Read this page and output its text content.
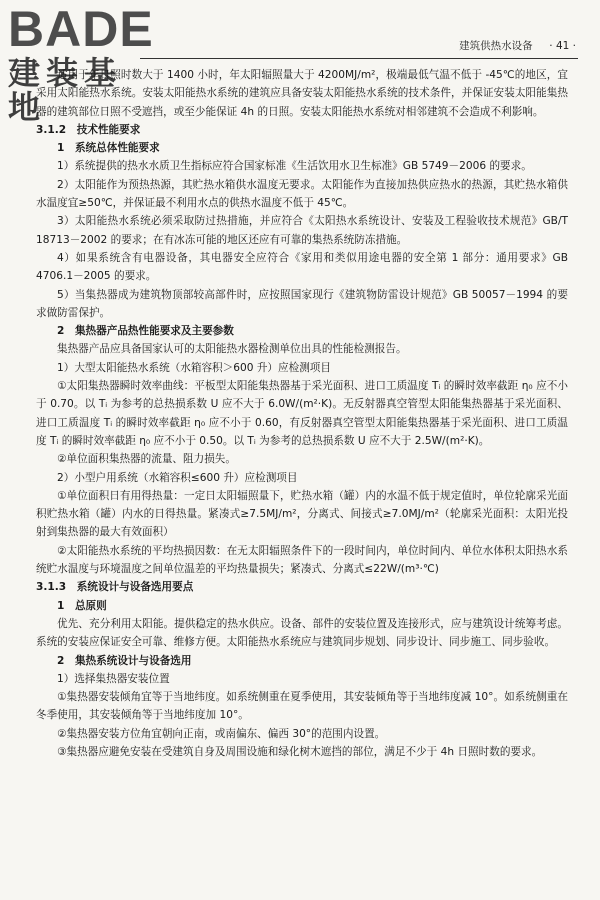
BADE
建装基地
建筑供热水设备 · 41 ·

适用于年日照时数大于 1400 小时，年太阳辐照量大于 4200MJ/m²，极端最低气温不低于 -45℃的地区，宜采用太阳能热水系统。安装太阳能热水系统的建筑应具备安装太阳能热水系统的技术条件，并保证安装太阳能集热器的建筑部位日照不受遮挡，或至少能保证 4h 的日照。安装太阳能热水系统对相邻建筑不会造成不利影响。

3.1.2　技术性能要求

1　系统总体性能要求

1）系统提供的热水水质卫生指标应符合国家标准《生活饮用水卫生标准》GB 5749－2006 的要求。

2）太阳能作为预热热源，其贮热水箱供水温度无要求。太阳能作为直接加热供应热水的热源，其贮热水箱供水温度宜≥50℃，并保证最不利用水点的供热水温度不低于 45℃。

3）太阳能热水系统必须采取防过热措施，并应符合《太阳热水系统设计、安装及工程验收技术规范》GB/T 18713－2002 的要求；在有冰冻可能的地区还应有可靠的集热系统防冻措施。

4）如果系统含有电器设备，其电器安全应符合《家用和类似用途电器的安全第 1 部分：通用要求》GB 4706.1－2005 的要求。

5）当集热器成为建筑物顶部较高部件时，应按照国家现行《建筑物防雷设计规范》GB 50057－1994 的要求做防雷保护。

2　集热器产品热性能要求及主要参数

集热器产品应具备国家认可的太阳能热水器检测单位出具的性能检测报告。

1）大型太阳能热水系统（水箱容积＞600 升）应检测项目

①太阳集热器瞬时效率曲线：平板型太阳能集热器基于采光面积、进口工质温度 Tᵢ 的瞬时效率截距 η₀ 应不小于 0.70。以 Tᵢ 为参考的总热损系数 U 应不大于 6.0W/(m²·K)。无反射器真空管型太阳能集热器基于采光面积、进口工质温度 Tᵢ 的瞬时效率截距 η₀ 应不小于 0.60，有反射器真空管型太阳能集热器基于采光面积、进口工质温度 Tᵢ 的瞬时效率截距 η₀ 应不小于 0.50。以 Tᵢ 为参考的总热损系数 U 应不大于 2.5W/(m²·K)。

②单位面积集热器的流量、阻力损失。

2）小型户用系统（水箱容积≤600 升）应检测项目

①单位面积日有用得热量：一定日太阳辐照量下，贮热水箱（罐）内的水温不低于规定值时，单位轮廓采光面积贮热水箱（罐）内水的日得热量。紧凑式≥7.5MJ/m²，分离式、间接式≥7.0MJ/m²（轮廓采光面积：太阳光投射到集热器的最大有效面积）

②太阳能热水系统的平均热损因数：在无太阳辐照条件下的一段时间内，单位时间内、单位水体积太阳热水系统贮水温度与环境温度之间单位温差的平均热量损失；紧凑式、分离式≤22W/(m³·℃)

3.1.3　系统设计与设备选用要点

1　总原则

优先、充分利用太阳能。提供稳定的热水供应。设备、部件的安装位置及连接形式，应与建筑设计统筹考虑。系统的安装应保证安全可靠、维修方便。太阳能热水系统应与建筑同步规划、同步设计、同步施工、同步验收。

2　集热系统设计与设备选用

1）选择集热器安装位置

①集热器安装倾角宜等于当地纬度。如系统侧重在夏季使用，其安装倾角等于当地纬度减 10°。如系统侧重在冬季使用，其安装倾角等于当地纬度加 10°。

②集热器安装方位角宜朝向正南，或南偏东、偏西 30°的范围内设置。

③集热器应避免安装在受建筑自身及周围设施和绿化树木遮挡的部位，满足不少于 4h 日照时数的要求。
